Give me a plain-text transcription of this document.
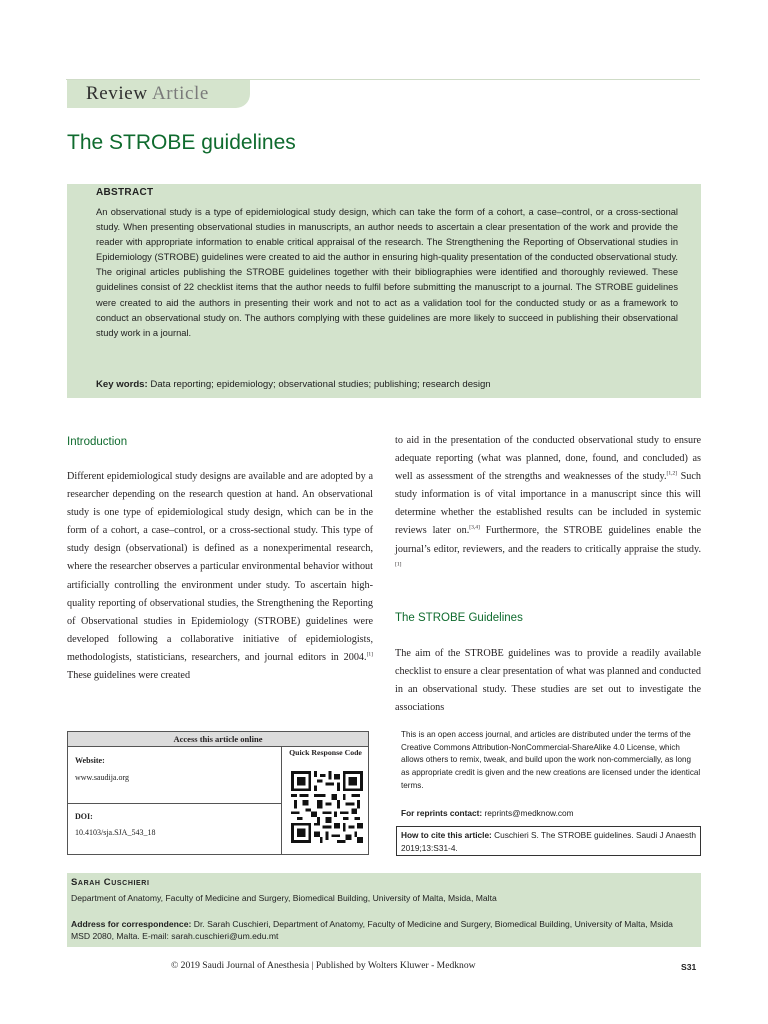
Review Article
The STROBE guidelines
ABSTRACT
An observational study is a type of epidemiological study design, which can take the form of a cohort, a case–control, or a cross-sectional study. When presenting observational studies in manuscripts, an author needs to ascertain a clear presentation of the work and provide the reader with appropriate information to enable critical appraisal of the research. The Strengthening the Reporting of Observational studies in Epidemiology (STROBE) guidelines were created to aid the author in ensuring high-quality presentation of the conducted observational study. The original articles publishing the STROBE guidelines together with their bibliographies were identified and thoroughly reviewed. These guidelines consist of 22 checklist items that the author needs to fulfil before submitting the manuscript to a journal. The STROBE guidelines were created to aid the authors in presenting their work and not to act as a validation tool for the conducted study or as a framework to conduct an observational study on. The authors complying with these guidelines are more likely to succeed in publishing their observational study work in a journal.
Key words: Data reporting; epidemiology; observational studies; publishing; research design
Introduction
Different epidemiological study designs are available and are adopted by a researcher depending on the research question at hand. An observational study is one type of epidemiological study design, which can be in the form of a cohort, a case–control, or a cross-sectional study. This type of study design (observational) is defined as a nonexperimental research, where the researcher observes a particular environmental behavior without artificially controlling the environment under study. To ascertain high-quality reporting of observational studies, the Strengthening the Reporting of Observational studies in Epidemiology (STROBE) guidelines were developed following a collaborative initiative of epidemiologists, methodologists, statisticians, researchers, and journal editors in 2004.[1] These guidelines were created
to aid in the presentation of the conducted observational study to ensure adequate reporting (what was planned, done, found, and concluded) as well as assessment of the strengths and weaknesses of the study.[1,2] Such study information is of vital importance in a manuscript since this will determine whether the established results can be included in systemic reviews later on.[3,4] Furthermore, the STROBE guidelines enable the journal’s editor, reviewers, and the readers to critically appraise the study.[1]
The STROBE Guidelines
The aim of the STROBE guidelines was to provide a readily available checklist to ensure a clear presentation of what was planned and conducted in an observational study. These studies are set out to investigate the associations
Access this article online
Website:
www.saudija.org
DOI:
10.4103/sja.SJA_543_18
Quick Response Code
This is an open access journal, and articles are distributed under the terms of the Creative Commons Attribution-NonCommercial-ShareAlike 4.0 License, which allows others to remix, tweak, and build upon the work non-commercially, as long as appropriate credit is given and the new creations are licensed under the identical terms.
For reprints contact: reprints@medknow.com
How to cite this article: Cuschieri S. The STROBE guidelines. Saudi J Anaesth 2019;13:S31-4.
Sarah Cuschieri
Department of Anatomy, Faculty of Medicine and Surgery, Biomedical Building, University of Malta, Msida, Malta
Address for correspondence: Dr. Sarah Cuschieri, Department of Anatomy, Faculty of Medicine and Surgery, Biomedical Building, University of Malta, Msida MSD 2080, Malta. E-mail: sarah.cuschieri@um.edu.mt
© 2019 Saudi Journal of Anesthesia | Published by Wolters Kluwer - Medknow	S31
